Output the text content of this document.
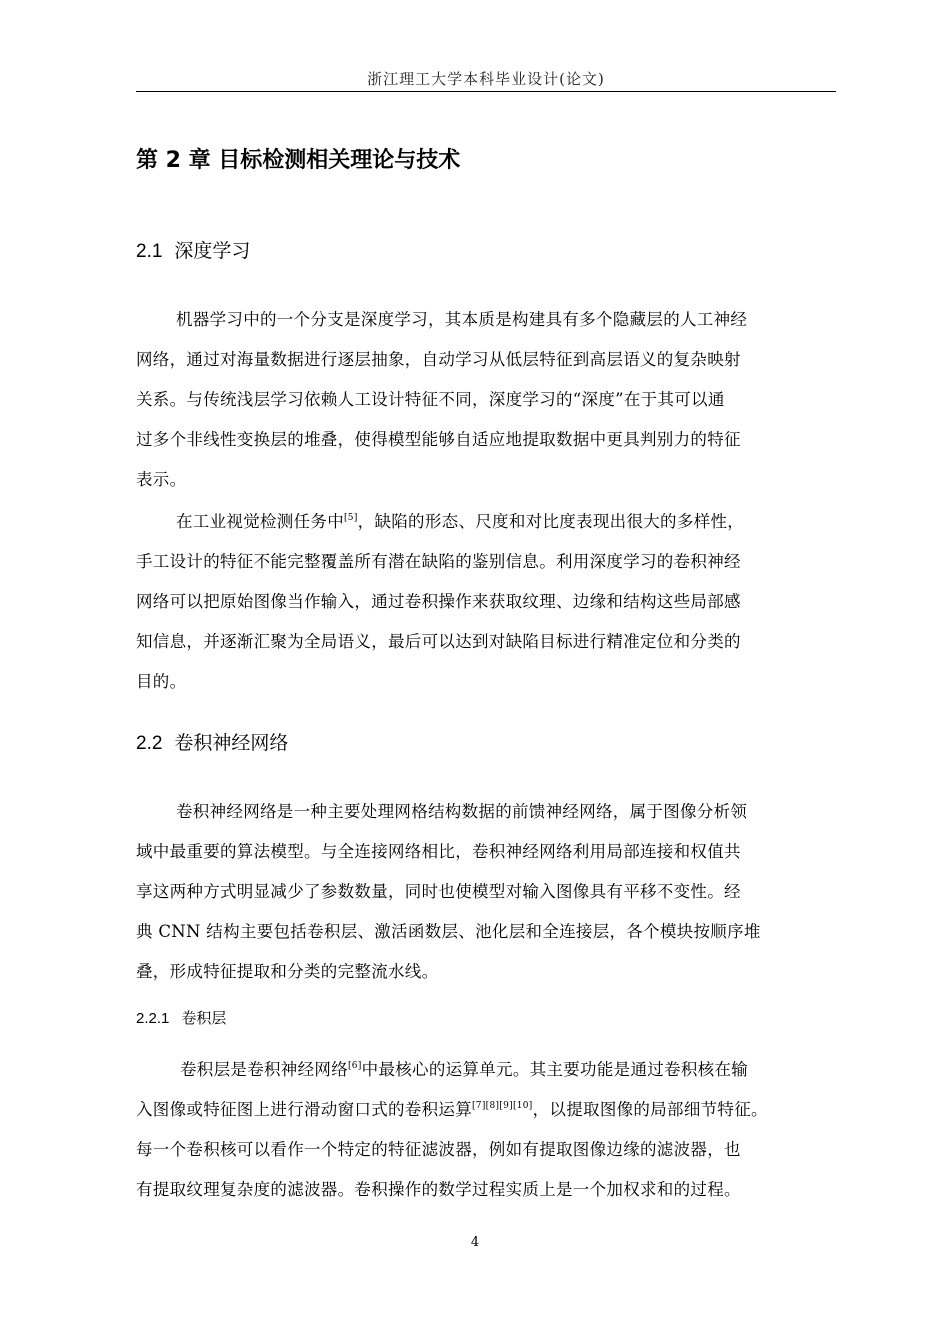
浙江理工大学本科毕业设计(论文)
第 2 章 目标检测相关理论与技术
2.1 深度学习
机器学习中的一个分支是深度学习，其本质是构建具有多个隐藏层的人工神经
网络，通过对海量数据进行逐层抽象，自动学习从低层特征到高层语义的复杂映射
关系。与传统浅层学习依赖人工设计特征不同，深度学习的“深度”在于其可以通
过多个非线性变换层的堆叠，使得模型能够自适应地提取数据中更具判别力的特征
表示。
在工业视觉检测任务中[5]，缺陷的形态、尺度和对比度表现出很大的多样性，
手工设计的特征不能完整覆盖所有潜在缺陷的鉴别信息。利用深度学习的卷积神经
网络可以把原始图像当作输入，通过卷积操作来获取纹理、边缘和结构这些局部感
知信息，并逐渐汇聚为全局语义，最后可以达到对缺陷目标进行精准定位和分类的
目的。
2.2 卷积神经网络
卷积神经网络是一种主要处理网格结构数据的前馈神经网络，属于图像分析领
域中最重要的算法模型。与全连接网络相比，卷积神经网络利用局部连接和权值共
享这两种方式明显减少了参数数量，同时也使模型对输入图像具有平移不变性。经
典 CNN 结构主要包括卷积层、激活函数层、池化层和全连接层，各个模块按顺序堆
叠，形成特征提取和分类的完整流水线。
2.2.1 卷积层
卷积层是卷积神经网络[6]中最核心的运算单元。其主要功能是通过卷积核在输
入图像或特征图上进行滑动窗口式的卷积运算[7][8][9][10]，以提取图像的局部细节特征。
每一个卷积核可以看作一个特定的特征滤波器，例如有提取图像边缘的滤波器，也
有提取纹理复杂度的滤波器。卷积操作的数学过程实质上是一个加权求和的过程。
4
